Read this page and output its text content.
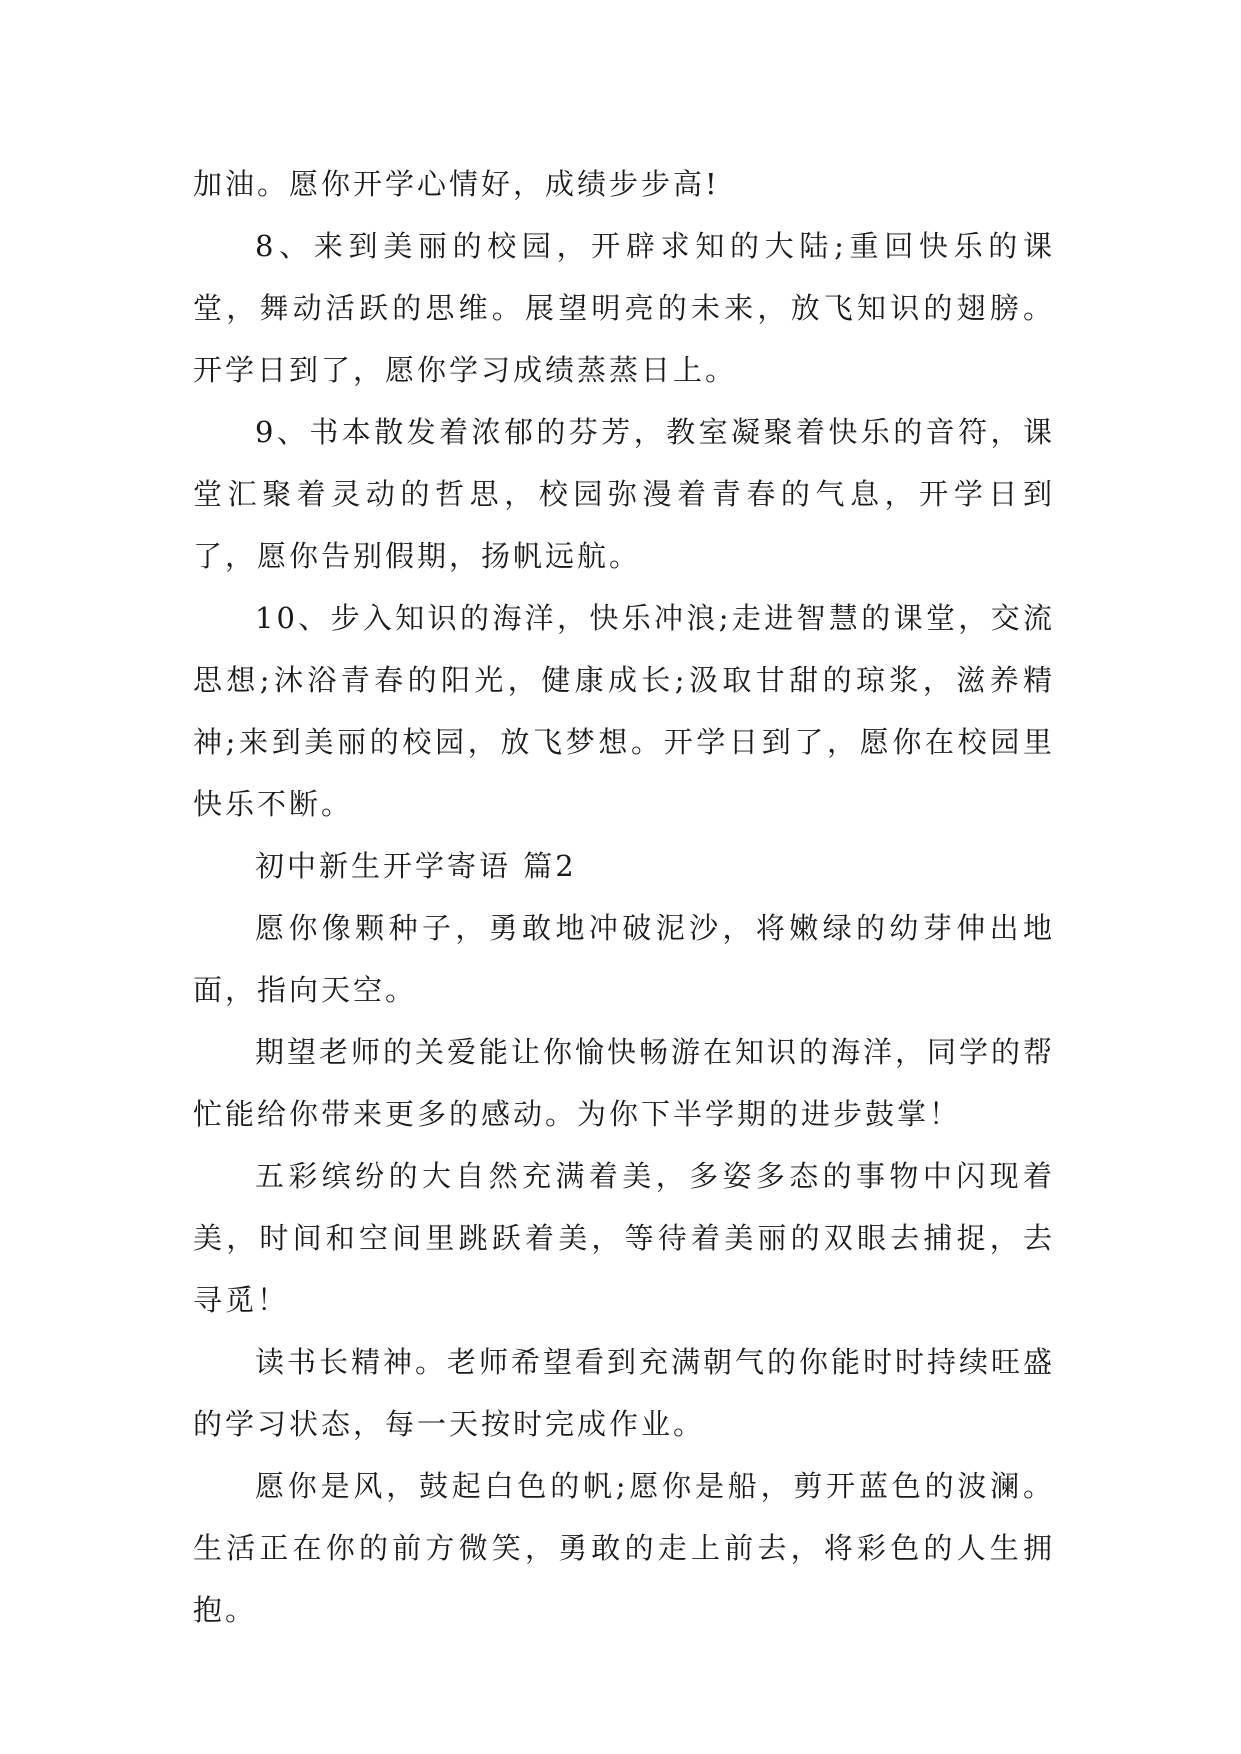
加油。愿你开学心情好，成绩步步高!

8、来到美丽的校园，开辟求知的大陆;重回快乐的课堂，舞动活跃的思维。展望明亮的未来，放飞知识的翅膀。开学日到了，愿你学习成绩蒸蒸日上。

9、书本散发着浓郁的芬芳，教室凝聚着快乐的音符，课堂汇聚着灵动的哲思，校园弥漫着青春的气息，开学日到了，愿你告别假期，扬帆远航。

10、步入知识的海洋，快乐冲浪;走进智慧的课堂，交流思想;沐浴青春的阳光，健康成长;汲取甘甜的琼浆，滋养精神;来到美丽的校园，放飞梦想。开学日到了，愿你在校园里快乐不断。

初中新生开学寄语 篇2

愿你像颗种子，勇敢地冲破泥沙，将嫩绿的幼芽伸出地面，指向天空。

期望老师的关爱能让你愉快畅游在知识的海洋，同学的帮忙能给你带来更多的感动。为你下半学期的进步鼓掌！

五彩缤纷的大自然充满着美，多姿多态的事物中闪现着美，时间和空间里跳跃着美，等待着美丽的双眼去捕捉，去寻觅！

读书长精神。老师希望看到充满朝气的你能时时持续旺盛的学习状态，每一天按时完成作业。

愿你是风，鼓起白色的帆;愿你是船，剪开蓝色的波澜。生活正在你的前方微笑，勇敢的走上前去，将彩色的人生拥抱。
